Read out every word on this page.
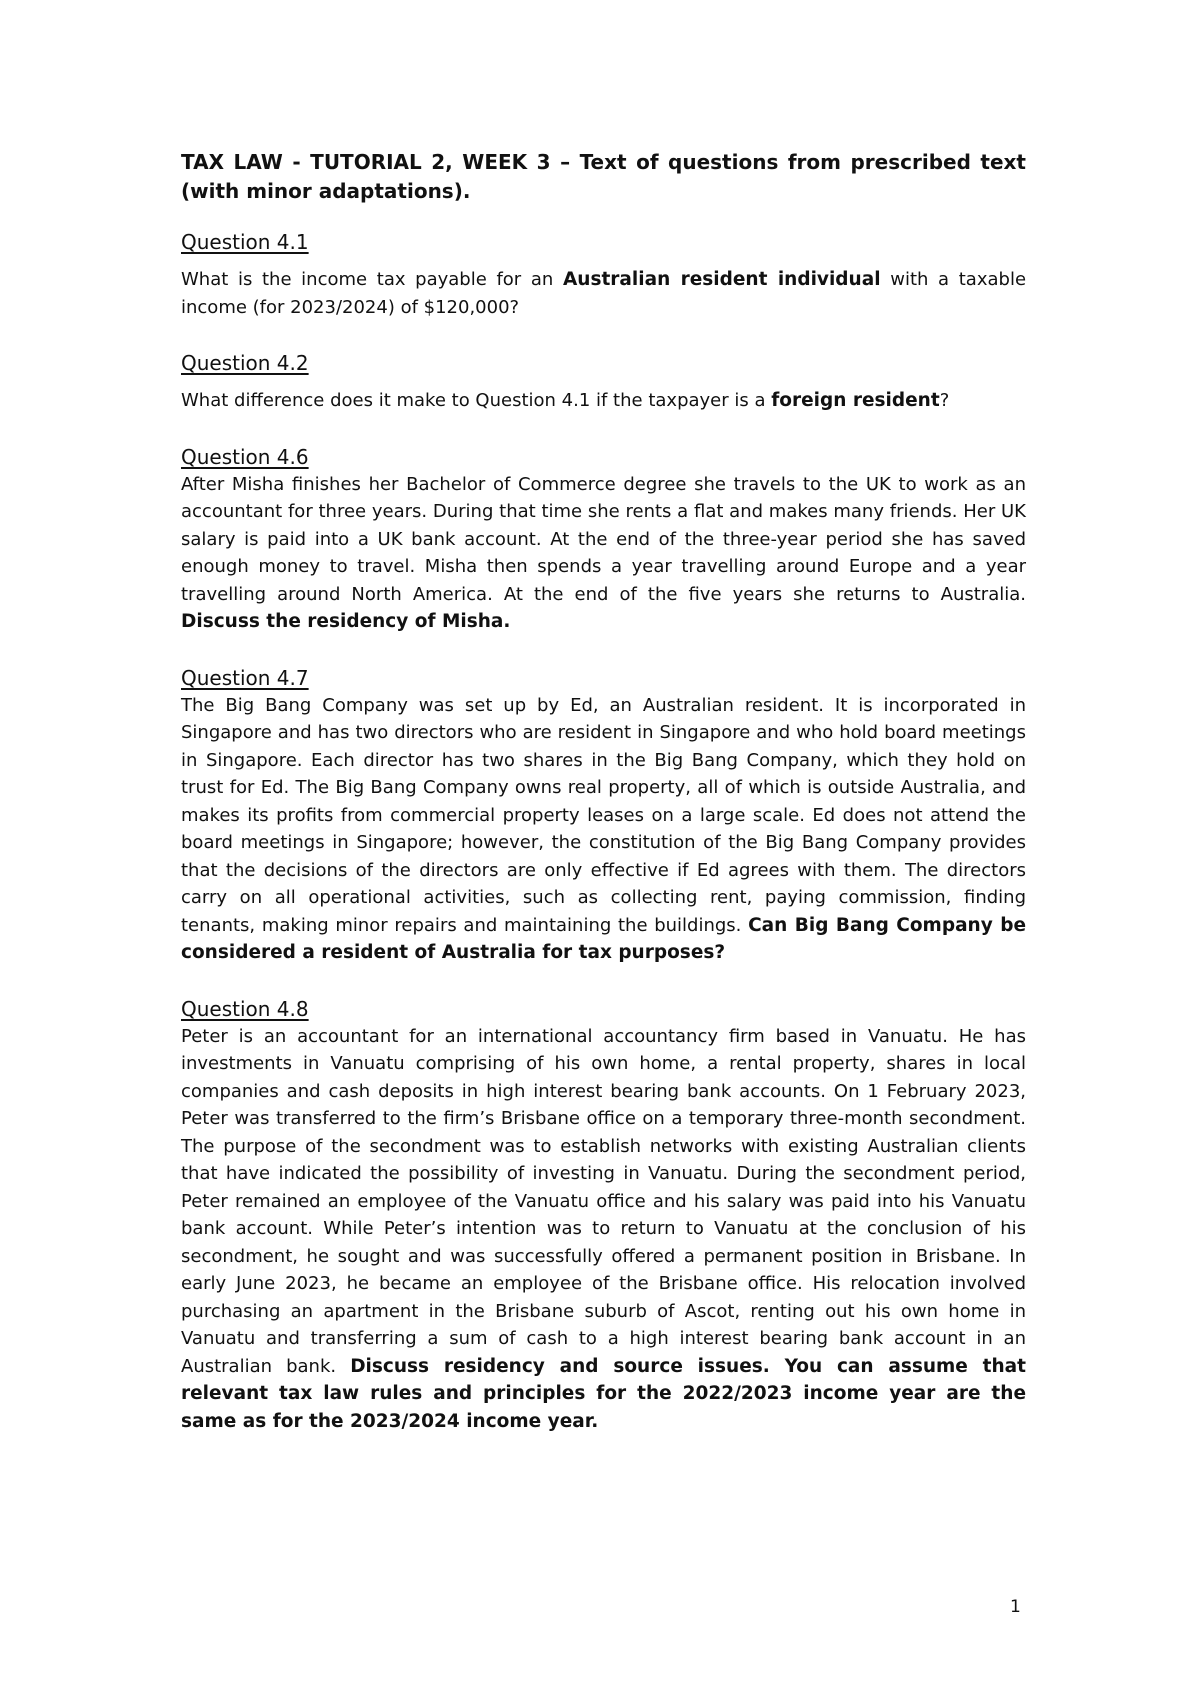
TAX LAW - TUTORIAL 2, WEEK 3 – Text of questions from prescribed text (with minor adaptations).

Question 4.1

What is the income tax payable for an Australian resident individual with a taxable income (for 2023/2024) of $120,000?

Question 4.2

What difference does it make to Question 4.1 if the taxpayer is a foreign resident?

Question 4.6

After Misha finishes her Bachelor of Commerce degree she travels to the UK to work as an accountant for three years. During that time she rents a flat and makes many friends. Her UK salary is paid into a UK bank account. At the end of the three-year period she has saved enough money to travel. Misha then spends a year travelling around Europe and a year travelling around North America. At the end of the five years she returns to Australia. Discuss the residency of Misha.

Question 4.7

The Big Bang Company was set up by Ed, an Australian resident. It is incorporated in Singapore and has two directors who are resident in Singapore and who hold board meetings in Singapore. Each director has two shares in the Big Bang Company, which they hold on trust for Ed. The Big Bang Company owns real property, all of which is outside Australia, and makes its profits from commercial property leases on a large scale. Ed does not attend the board meetings in Singapore; however, the constitution of the Big Bang Company provides that the decisions of the directors are only effective if Ed agrees with them. The directors carry on all operational activities, such as collecting rent, paying commission, finding tenants, making minor repairs and maintaining the buildings. Can Big Bang Company be considered a resident of Australia for tax purposes?

Question 4.8

Peter is an accountant for an international accountancy firm based in Vanuatu. He has investments in Vanuatu comprising of his own home, a rental property, shares in local companies and cash deposits in high interest bearing bank accounts. On 1 February 2023, Peter was transferred to the firm’s Brisbane office on a temporary three-month secondment. The purpose of the secondment was to establish networks with existing Australian clients that have indicated the possibility of investing in Vanuatu. During the secondment period, Peter remained an employee of the Vanuatu office and his salary was paid into his Vanuatu bank account. While Peter’s intention was to return to Vanuatu at the conclusion of his secondment, he sought and was successfully offered a permanent position in Brisbane. In early June 2023, he became an employee of the Brisbane office. His relocation involved purchasing an apartment in the Brisbane suburb of Ascot, renting out his own home in Vanuatu and transferring a sum of cash to a high interest bearing bank account in an Australian bank. Discuss residency and source issues. You can assume that relevant tax law rules and principles for the 2022/2023 income year are the same as for the 2023/2024 income year.

1
